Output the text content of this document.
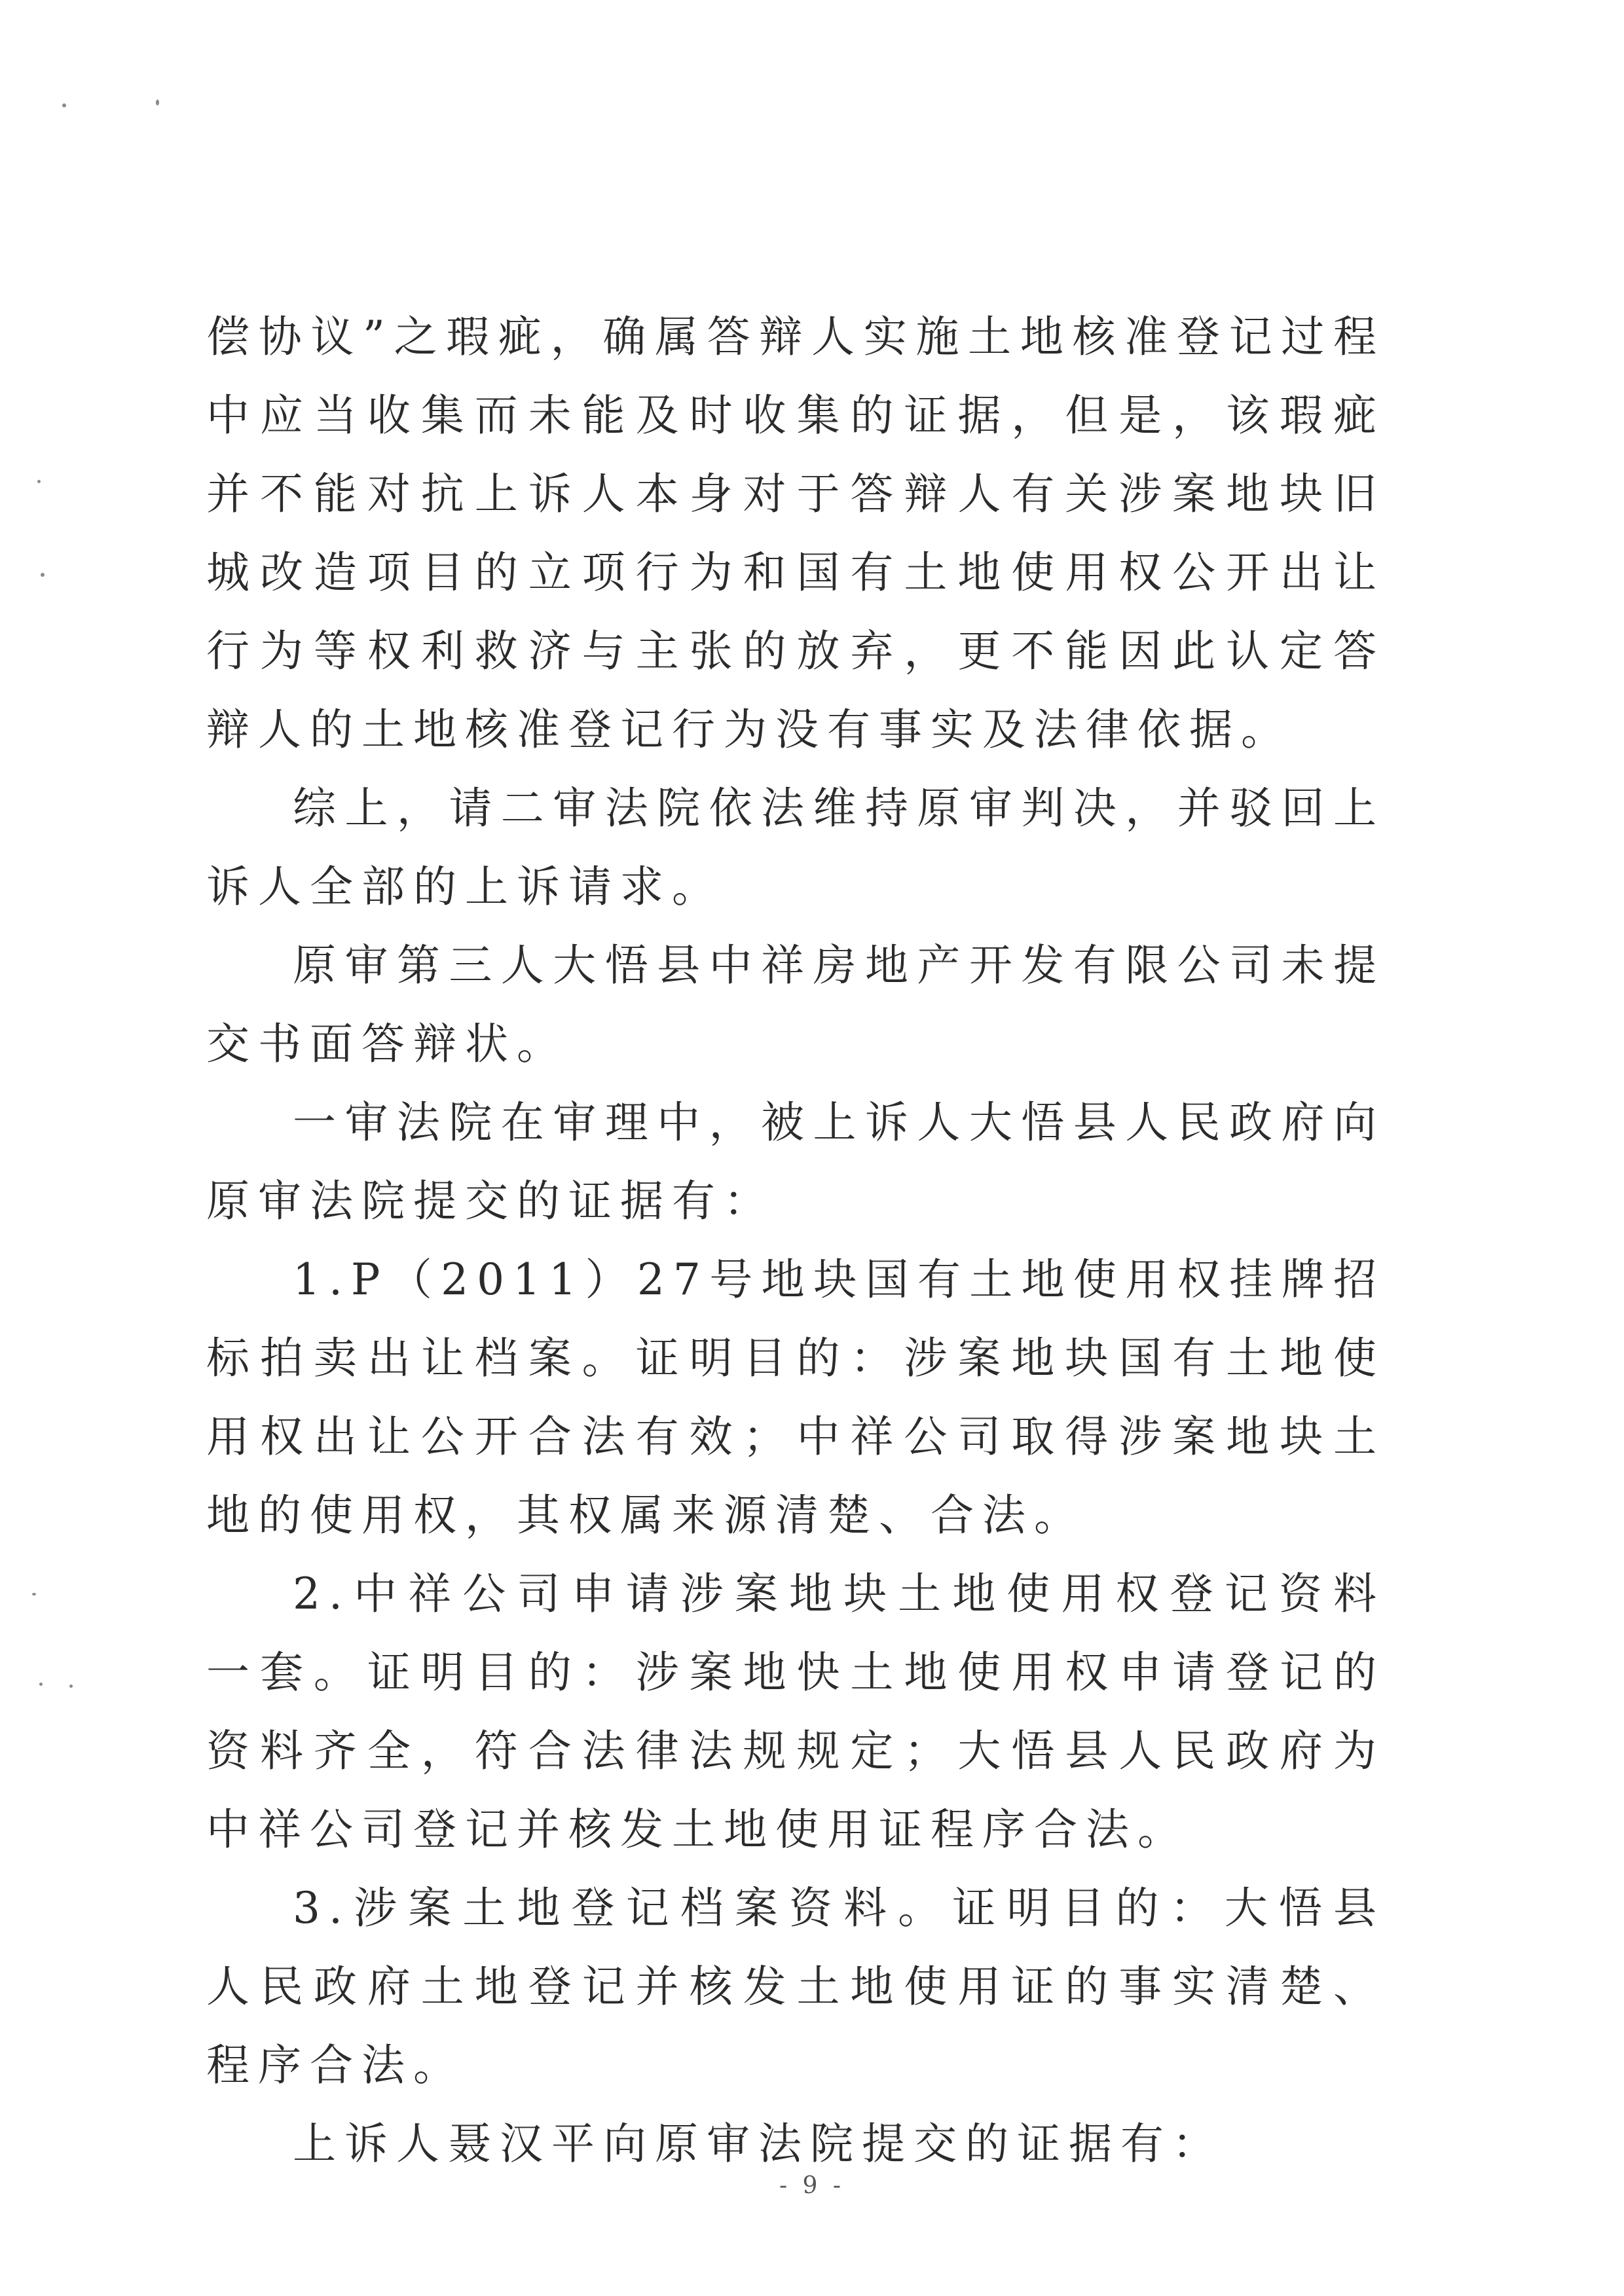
偿协议”之瑕疵，确属答辩人实施土地核准登记过程中应当收集而未能及时收集的证据，但是，该瑕疵并不能对抗上诉人本身对于答辩人有关涉案地块旧城改造项目的立项行为和国有土地使用权公开出让行为等权利救济与主张的放弃，更不能因此认定答辩人的土地核准登记行为没有事实及法律依据。

综上，请二审法院依法维持原审判决，并驳回上诉人全部的上诉请求。

原审第三人大悟县中祥房地产开发有限公司未提交书面答辩状。

一审法院在审理中，被上诉人大悟县人民政府向原审法院提交的证据有：

1.P（2011）27号地块国有土地使用权挂牌招标拍卖出让档案。证明目的：涉案地块国有土地使用权出让公开合法有效；中祥公司取得涉案地块土地的使用权，其权属来源清楚、合法。

2.中祥公司申请涉案地块土地使用权登记资料一套。证明目的：涉案地快土地使用权申请登记的资料齐全，符合法律法规规定；大悟县人民政府为中祥公司登记并核发土地使用证程序合法。

3.涉案土地登记档案资料。证明目的：大悟县人民政府土地登记并核发土地使用证的事实清楚、程序合法。

上诉人聂汉平向原审法院提交的证据有：

- 9 -
